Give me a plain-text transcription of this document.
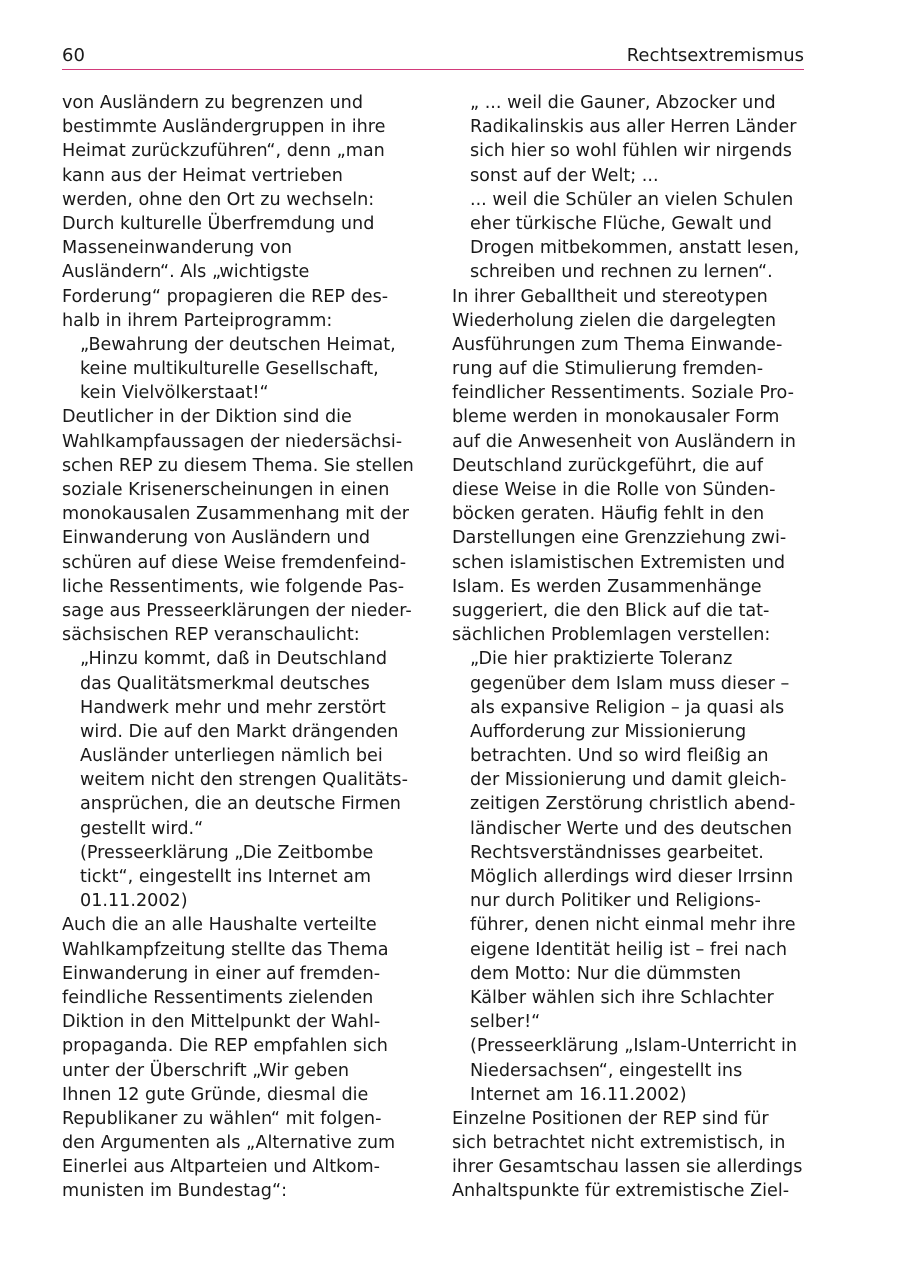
60	Rechtsextremismus
von Ausländern zu begrenzen und
bestimmte Ausländergruppen in ihre
Heimat zurückzuführen“, denn „man
kann aus der Heimat vertrieben
werden, ohne den Ort zu wechseln:
Durch kulturelle Überfremdung und
Masseneinwanderung von
Ausländern“. Als „wichtigste
Forderung“ propagieren die REP des-
halb in ihrem Parteiprogramm:
„Bewahrung der deutschen Heimat,
keine multikulturelle Gesellschaft,
kein Vielvölkerstaat!“
Deutlicher in der Diktion sind die
Wahlkampfaussagen der niedersächsi-
schen REP zu diesem Thema. Sie stellen
soziale Krisenerscheinungen in einen
monokausalen Zusammenhang mit der
Einwanderung von Ausländern und
schüren auf diese Weise fremdenfeind-
liche Ressentiments, wie folgende Pas-
sage aus Presseerklärungen der nieder-
sächsischen REP veranschaulicht:
„Hinzu kommt, daß in Deutschland
das Qualitätsmerkmal deutsches
Handwerk mehr und mehr zerstört
wird. Die auf den Markt drängenden
Ausländer unterliegen nämlich bei
weitem nicht den strengen Qualitäts-
ansprüchen, die an deutsche Firmen
gestellt wird.“
(Presseerklärung „Die Zeitbombe
tickt“, eingestellt ins Internet am
01.11.2002)
Auch die an alle Haushalte verteilte
Wahlkampfzeitung stellte das Thema
Einwanderung in einer auf fremden-
feindliche Ressentiments zielenden
Diktion in den Mittelpunkt der Wahl-
propaganda. Die REP empfahlen sich
unter der Überschrift „Wir geben
Ihnen 12 gute Gründe, diesmal die
Republikaner zu wählen“ mit folgen-
den Argumenten als „Alternative zum
Einerlei aus Altparteien und Altkom-
munisten im Bundestag“:
„ ... weil die Gauner, Abzocker und
Radikalinskis aus aller Herren Länder
sich hier so wohl fühlen wir nirgends
sonst auf der Welt; ...
... weil die Schüler an vielen Schulen
eher türkische Flüche, Gewalt und
Drogen mitbekommen, anstatt lesen,
schreiben und rechnen zu lernen“.
In ihrer Geballtheit und stereotypen
Wiederholung zielen die dargelegten
Ausführungen zum Thema Einwande-
rung auf die Stimulierung fremden-
feindlicher Ressentiments. Soziale Pro-
bleme werden in monokausaler Form
auf die Anwesenheit von Ausländern in
Deutschland zurückgeführt, die auf
diese Weise in die Rolle von Sünden-
böcken geraten. Häufig fehlt in den
Darstellungen eine Grenzziehung zwi-
schen islamistischen Extremisten und
Islam. Es werden Zusammenhänge
suggeriert, die den Blick auf die tat-
sächlichen Problemlagen verstellen:
„Die hier praktizierte Toleranz
gegenüber dem Islam muss dieser –
als expansive Religion – ja quasi als
Aufforderung zur Missionierung
betrachten. Und so wird fleißig an
der Missionierung und damit gleich-
zeitigen Zerstörung christlich abend-
ländischer Werte und des deutschen
Rechtsverständnisses gearbeitet.
Möglich allerdings wird dieser Irrsinn
nur durch Politiker und Religions-
führer, denen nicht einmal mehr ihre
eigene Identität heilig ist – frei nach
dem Motto: Nur die dümmsten
Kälber wählen sich ihre Schlachter
selber!“
(Presseerklärung „Islam-Unterricht in
Niedersachsen“, eingestellt ins
Internet am 16.11.2002)
Einzelne Positionen der REP sind für
sich betrachtet nicht extremistisch, in
ihrer Gesamtschau lassen sie allerdings
Anhaltspunkte für extremistische Ziel-
